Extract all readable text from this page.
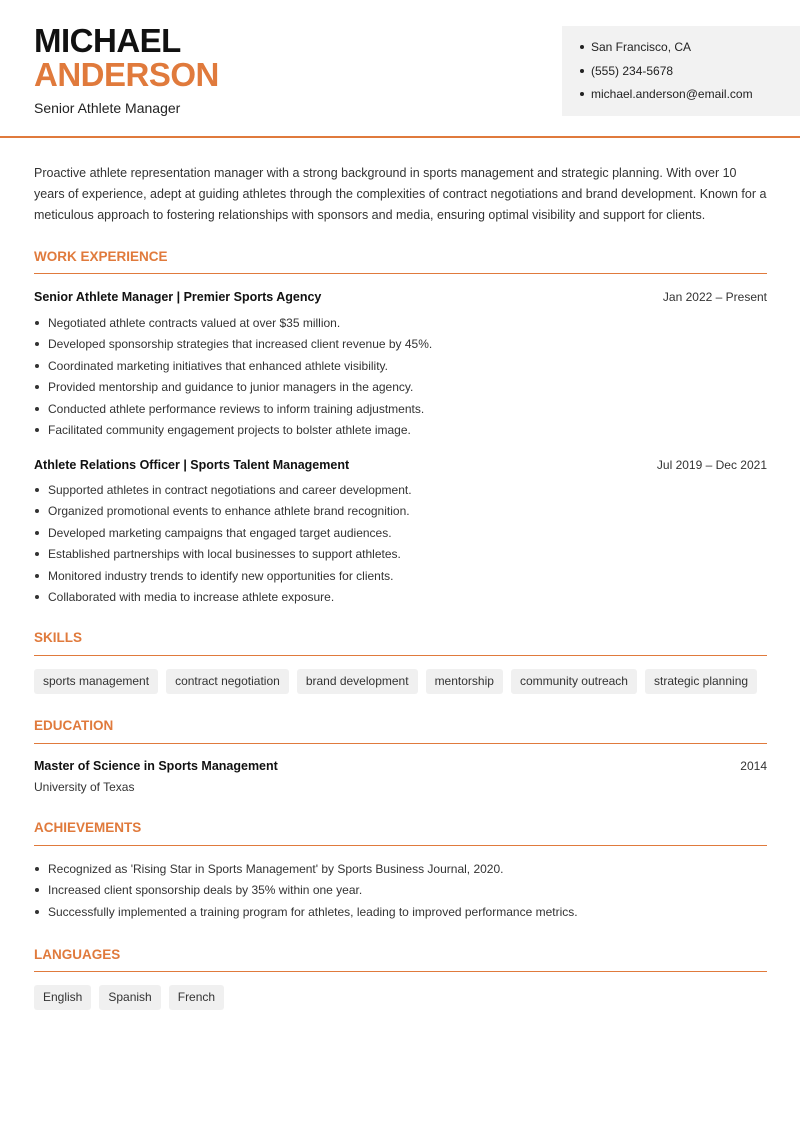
MICHAEL
ANDERSON
Senior Athlete Manager
San Francisco, CA
(555) 234-5678
michael.anderson@email.com
Proactive athlete representation manager with a strong background in sports management and strategic planning. With over 10 years of experience, adept at guiding athletes through the complexities of contract negotiations and brand development. Known for a meticulous approach to fostering relationships with sponsors and media, ensuring optimal visibility and support for clients.
WORK EXPERIENCE
Senior Athlete Manager | Premier Sports Agency	Jan 2022 – Present
Negotiated athlete contracts valued at over $35 million.
Developed sponsorship strategies that increased client revenue by 45%.
Coordinated marketing initiatives that enhanced athlete visibility.
Provided mentorship and guidance to junior managers in the agency.
Conducted athlete performance reviews to inform training adjustments.
Facilitated community engagement projects to bolster athlete image.
Athlete Relations Officer | Sports Talent Management	Jul 2019 – Dec 2021
Supported athletes in contract negotiations and career development.
Organized promotional events to enhance athlete brand recognition.
Developed marketing campaigns that engaged target audiences.
Established partnerships with local businesses to support athletes.
Monitored industry trends to identify new opportunities for clients.
Collaborated with media to increase athlete exposure.
SKILLS
sports management	contract negotiation	brand development	mentorship	community outreach	strategic planning
EDUCATION
Master of Science in Sports Management	2014
University of Texas
ACHIEVEMENTS
Recognized as 'Rising Star in Sports Management' by Sports Business Journal, 2020.
Increased client sponsorship deals by 35% within one year.
Successfully implemented a training program for athletes, leading to improved performance metrics.
LANGUAGES
English	Spanish	French
